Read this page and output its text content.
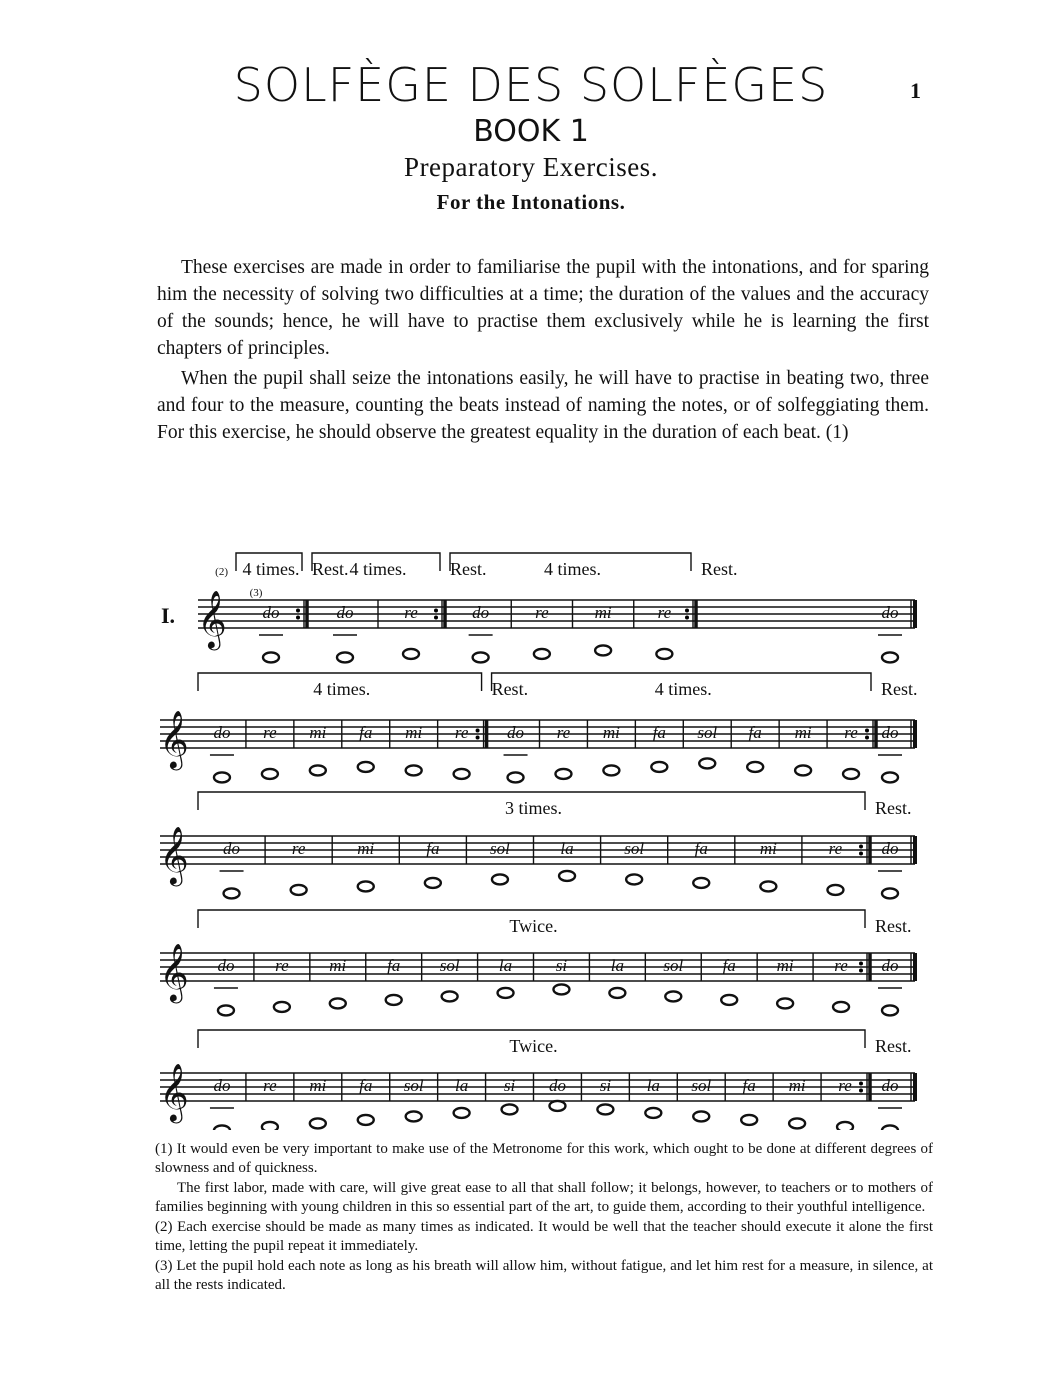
SOLFÈGE DES SOLFÈGES	1
BOOK 1
Preparatory Exercises.
For the Intonations.

These exercises are made in order to familiarise the pupil with the intonations, and for sparing him the necessity of solving two difficulties at a time; the duration of the values and the accuracy of the sounds; hence, he will have to practise them exclusively while he is learning the first chapters of principles.

When the pupil shall seize the intonations easily, he will have to practise in beating two, three and four to the measure, counting the beats instead of naming the notes, or of solfeggiating them. For this exercise, he should observe the greatest equality in the duration of each beat. (1)

𝄞
4 times.
do
Rest. 4 times.
do	re
Rest.	4 times.
do	re	mi	re
Rest.
do
I.
(2)
(3)
𝄞
4 times.
do re mi fa mi re
Rest.	4 times.
do re mi fa sol fa mi re
Rest.
do
𝄞
3 times.
do	re	mi	fa	sol	la	sol	fa	mi	re
Rest.
do
𝄞
Twice.
do re mi fa sol la	si	la sol fa mi re
Rest.
do
𝄞
Twice.
do re mi fa sol la si do si la sol fa mi re
Rest.
do

(1) It would even be very important to make use of the Metronome for this work, which ought to be done at different degrees of slowness and of quickness.

The first labor, made with care, will give great ease to all that shall follow; it belongs, however, to teachers or to mothers of families beginning with young children in this so essential part of the art, to guide them, according to their youthful intelligence.

(2) Each exercise should be made as many times as indicated. It would be well that the teacher should execute it alone the first time, letting the pupil repeat it immediately.

(3) Let the pupil hold each note as long as his breath will allow him, without fatigue, and let him rest for a measure, in silence, at all the rests indicated.
